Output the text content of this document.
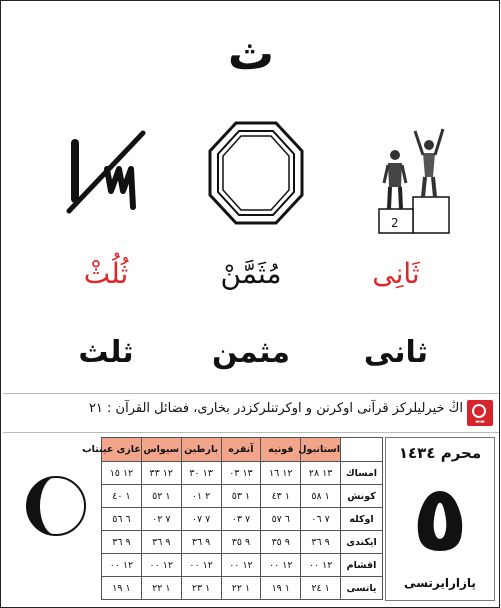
ث
2
ثُلُثْ	مُثَمَّنْ	ثَانِی
ثلث	مثمن	ثانی
اڭ خيرليلركز قرآنى اوكرنن و اوكرتنلركزدر بخارى، فضائل القرآن : ٢١
▬▬
	استانبول	قونيه	آنقره	بارطين	سيواس	غازى عينتاب
امساك	١٣ ٢٨	١٢ ١٦	١٣ ٠٣	١٣ ٣٠	١٢ ٣٣	١٢ ١٥
كونش	١ ٥٨	١ ٤٣	١ ٥٣	٢ ٠١	١ ٥٢	١ ٤٠
اوكله	٧ ٠٦	٦ ٥٧	٧ ٠٣	٧ ٠٧	٧ ٠٢	٦ ٥٦
ايكندى	٩ ٣٦	٩ ٣٥	٩ ٣٥	٩ ٣٦	٩ ٣٦	٩ ٣٦
اقشام	١٢ ٠٠	١٢ ٠٠	١٢ ٠٠	١٢ ٠٠	١٢ ٠٠	١٢ ٠٠
ياتسى	١ ٢٤	١ ١٩	١ ٢٢	١ ٢٣	١ ٢٢	١ ١٩
محرم ١٤٣٤
٥
پازارايرتسى
